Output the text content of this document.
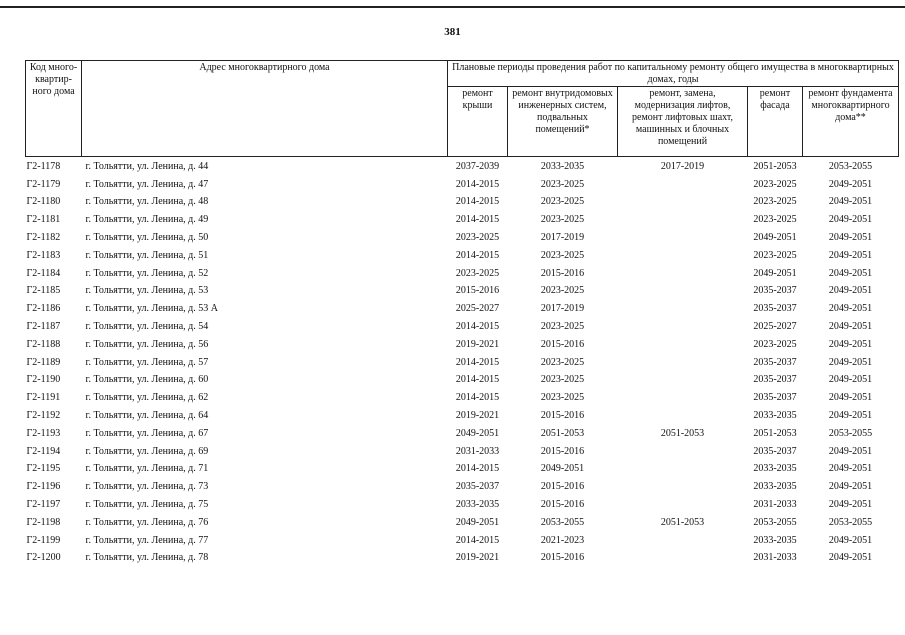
381
Код много-квартир-ного дома	Адрес многоквартирного дома	Плановые периоды проведения работ по капитальному ремонту общего имущества в многоквартирных домах, годы				
		ремонт крыши	ремонт внутридомовых инженерных систем, подвальных помещений*	ремонт, замена, модернизация лифтов, ремонт лифтовых шахт, машинных и блочных помещений	ремонт фасада	ремонт фундамента многоквартирного дома**
Г2-1178	г. Тольятти, ул. Ленина, д. 44	2037-2039	2033-2035	2017-2019	2051-2053	2053-2055
Г2-1179	г. Тольятти, ул. Ленина, д. 47	2014-2015	2023-2025		2023-2025	2049-2051
Г2-1180	г. Тольятти, ул. Ленина, д. 48	2014-2015	2023-2025		2023-2025	2049-2051
Г2-1181	г. Тольятти, ул. Ленина, д. 49	2014-2015	2023-2025		2023-2025	2049-2051
Г2-1182	г. Тольятти, ул. Ленина, д. 50	2023-2025	2017-2019		2049-2051	2049-2051
Г2-1183	г. Тольятти, ул. Ленина, д. 51	2014-2015	2023-2025		2023-2025	2049-2051
Г2-1184	г. Тольятти, ул. Ленина, д. 52	2023-2025	2015-2016		2049-2051	2049-2051
Г2-1185	г. Тольятти, ул. Ленина, д. 53	2015-2016	2023-2025		2035-2037	2049-2051
Г2-1186	г. Тольятти, ул. Ленина, д. 53 А	2025-2027	2017-2019		2035-2037	2049-2051
Г2-1187	г. Тольятти, ул. Ленина, д. 54	2014-2015	2023-2025		2025-2027	2049-2051
Г2-1188	г. Тольятти, ул. Ленина, д. 56	2019-2021	2015-2016		2023-2025	2049-2051
Г2-1189	г. Тольятти, ул. Ленина, д. 57	2014-2015	2023-2025		2035-2037	2049-2051
Г2-1190	г. Тольятти, ул. Ленина, д. 60	2014-2015	2023-2025		2035-2037	2049-2051
Г2-1191	г. Тольятти, ул. Ленина, д. 62	2014-2015	2023-2025		2035-2037	2049-2051
Г2-1192	г. Тольятти, ул. Ленина, д. 64	2019-2021	2015-2016		2033-2035	2049-2051
Г2-1193	г. Тольятти, ул. Ленина, д. 67	2049-2051	2051-2053	2051-2053	2051-2053	2053-2055
Г2-1194	г. Тольятти, ул. Ленина, д. 69	2031-2033	2015-2016		2035-2037	2049-2051
Г2-1195	г. Тольятти, ул. Ленина, д. 71	2014-2015	2049-2051		2033-2035	2049-2051
Г2-1196	г. Тольятти, ул. Ленина, д. 73	2035-2037	2015-2016		2033-2035	2049-2051
Г2-1197	г. Тольятти, ул. Ленина, д. 75	2033-2035	2015-2016		2031-2033	2049-2051
Г2-1198	г. Тольятти, ул. Ленина, д. 76	2049-2051	2053-2055	2051-2053	2053-2055	2053-2055
Г2-1199	г. Тольятти, ул. Ленина, д. 77	2014-2015	2021-2023		2033-2035	2049-2051
Г2-1200	г. Тольятти, ул. Ленина, д. 78	2019-2021	2015-2016		2031-2033	2049-2051
